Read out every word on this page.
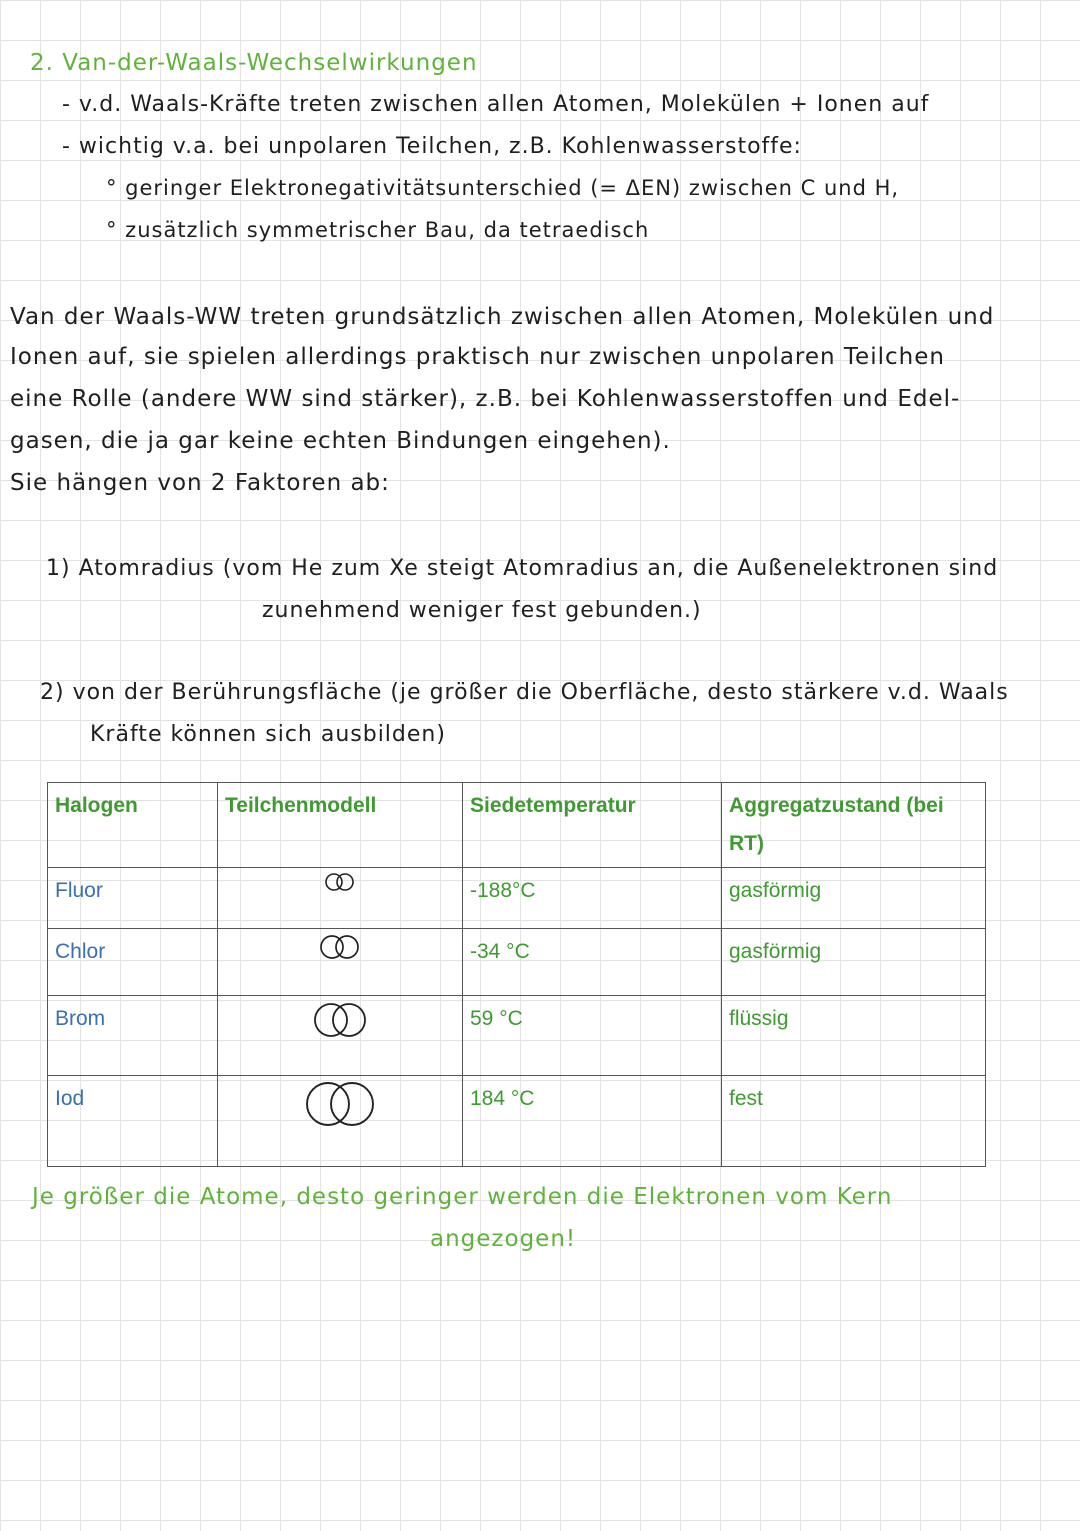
2. Van-der-Waals-Wechselwirkungen
- v.d. Waals-Kräfte treten zwischen allen Atomen, Molekülen + Ionen auf
- wichtig v.a. bei unpolaren Teilchen, z.B. Kohlenwasserstoffe:
° geringer Elektronegativitätsunterschied (= ΔEN) zwischen C und H,
° zusätzlich symmetrischer Bau, da tetraedisch
Van der Waals-WW treten grundsätzlich zwischen allen Atomen, Molekülen und
Ionen auf, sie spielen allerdings praktisch nur zwischen unpolaren Teilchen
eine Rolle (andere WW sind stärker), z.B. bei Kohlenwasserstoffen und Edel-
gasen, die ja gar keine echten Bindungen eingehen).
Sie hängen von 2 Faktoren ab:
1) Atomradius (vom He zum Xe steigt Atomradius an, die Außenelektronen sind
zunehmend weniger fest gebunden.)
2) von der Berührungsfläche (je größer die Oberfläche, desto stärkere v.d. Waals
Kräfte können sich ausbilden)
Halogen	Teilchenmodell	Siedetemperatur	Aggregatzustand (bei RT)
Fluor		-188°C	gasförmig
Chlor		-34 °C	gasförmig
Brom		59 °C	flüssig
Iod		184 °C	fest
Je größer die Atome, desto geringer werden die Elektronen vom Kern
angezogen!
